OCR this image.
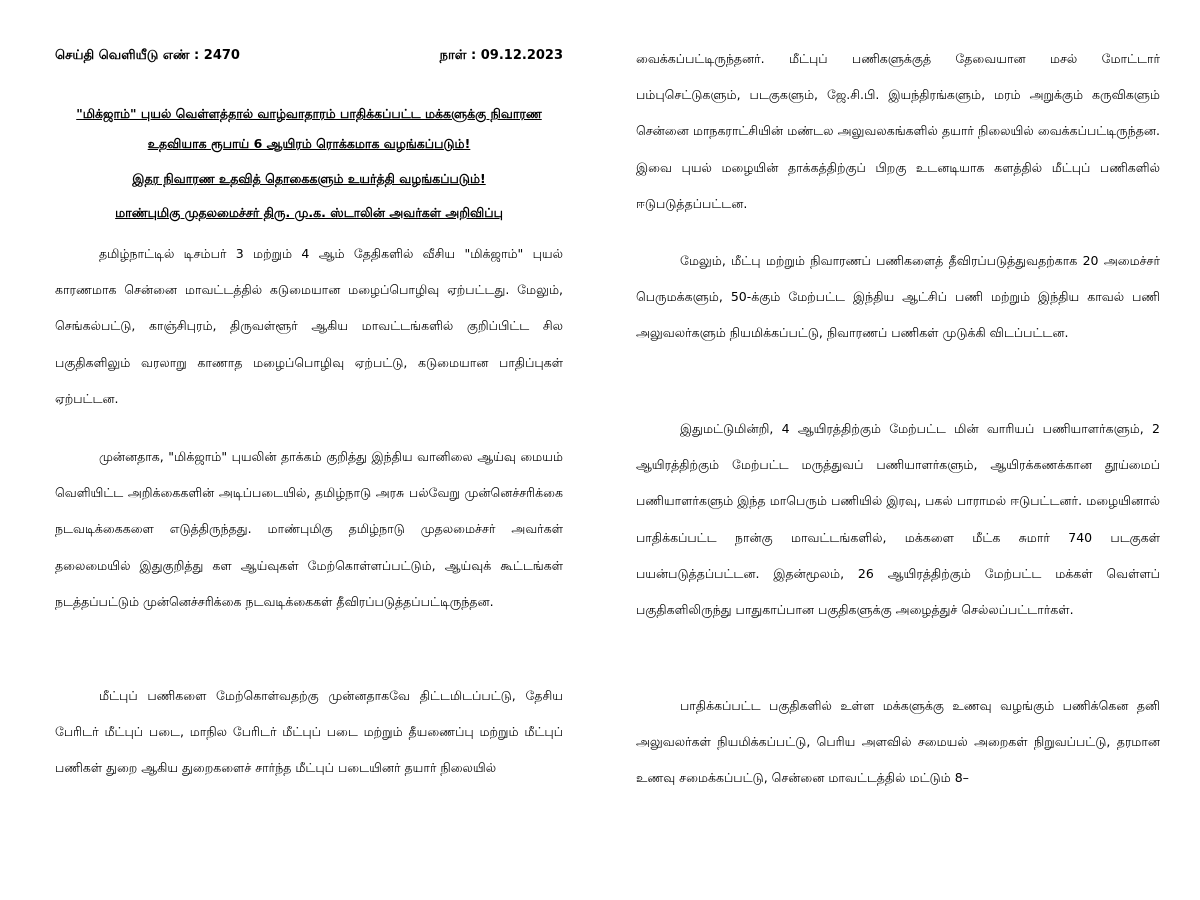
செய்தி வெளியீடு எண் : 2470	நாள் : 09.12.2023
"மிக்ஜாம்" புயல் வெள்ளத்தால் வாழ்வாதாரம் பாதிக்கப்பட்ட மக்களுக்கு நிவாரண
உதவியாக ரூபாய் 6 ஆயிரம் ரொக்கமாக வழங்கப்படும்!
இதர நிவாரண உதவித் தொகைகளும் உயர்த்தி வழங்கப்படும்!
மாண்புமிகு முதலமைச்சர் திரு. மு.க. ஸ்டாலின் அவர்கள் அறிவிப்பு

தமிழ்நாட்டில் டிசம்பர் 3 மற்றும் 4 ஆம் தேதிகளில் வீசிய "மிக்ஜாம்" புயல் காரணமாக சென்னை மாவட்டத்தில் கடுமையான மழைப்பொழிவு ஏற்பட்டது. மேலும், செங்கல்பட்டு, காஞ்சிபுரம், திருவள்ளூர் ஆகிய மாவட்டங்களில் குறிப்பிட்ட சில பகுதிகளிலும் வரலாறு காணாத மழைப்பொழிவு ஏற்பட்டு, கடுமையான பாதிப்புகள் ஏற்பட்டன.

முன்னதாக, "மிக்ஜாம்" புயலின் தாக்கம் குறித்து இந்திய வானிலை ஆய்வு மையம் வெளியிட்ட அறிக்கைகளின் அடிப்படையில், தமிழ்நாடு அரசு பல்வேறு முன்னெச்சரிக்கை நடவடிக்கைகளை எடுத்திருந்தது. மாண்புமிகு தமிழ்நாடு முதலமைச்சர் அவர்கள் தலைமையில் இதுகுறித்து கள ஆய்வுகள் மேற்கொள்ளப்பட்டும், ஆய்வுக் கூட்டங்கள் நடத்தப்பட்டும் முன்னெச்சரிக்கை நடவடிக்கைகள் தீவிரப்படுத்தப்பட்டிருந்தன.

மீட்புப் பணிகளை மேற்கொள்வதற்கு முன்னதாகவே திட்டமிடப்பட்டு, தேசிய பேரிடர் மீட்புப் படை, மாநில பேரிடர் மீட்புப் படை மற்றும் தீயணைப்பு மற்றும் மீட்புப் பணிகள் துறை ஆகிய துறைகளைச் சார்ந்த மீட்புப் படையினர் தயார் நிலையில்

வைக்கப்பட்டிருந்தனர். மீட்புப் பணிகளுக்குத் தேவையான மசல் மோட்டார் பம்புசெட்டுகளும், படகுகளும், ஜே.சி.பி. இயந்திரங்களும், மரம் அறுக்கும் கருவிகளும் சென்னை மாநகராட்சியின் மண்டல அலுவலகங்களில் தயார் நிலையில் வைக்கப்பட்டிருந்தன. இவை புயல் மழையின் தாக்கத்திற்குப் பிறகு உடனடியாக களத்தில் மீட்புப் பணிகளில் ஈடுபடுத்தப்பட்டன.

மேலும், மீட்பு மற்றும் நிவாரணப் பணிகளைத் தீவிரப்படுத்துவதற்காக 20 அமைச்சர் பெருமக்களும், 50-க்கும் மேற்பட்ட இந்திய ஆட்சிப் பணி மற்றும் இந்திய காவல் பணி அலுவலர்களும் நியமிக்கப்பட்டு, நிவாரணப் பணிகள் முடுக்கி விடப்பட்டன.

இதுமட்டுமின்றி, 4 ஆயிரத்திற்கும் மேற்பட்ட மின் வாரியப் பணியாளர்களும், 2 ஆயிரத்திற்கும் மேற்பட்ட மருத்துவப் பணியாளர்களும், ஆயிரக்கணக்கான தூய்மைப் பணியாளர்களும் இந்த மாபெரும் பணியில் இரவு, பகல் பாராமல் ஈடுபட்டனர். மழையினால் பாதிக்கப்பட்ட நான்கு மாவட்டங்களில், மக்களை மீட்க சுமார் 740 படகுகள் பயன்படுத்தப்பட்டன. இதன்மூலம், 26 ஆயிரத்திற்கும் மேற்பட்ட மக்கள் வெள்ளப் பகுதிகளிலிருந்து பாதுகாப்பான பகுதிகளுக்கு அழைத்துச் செல்லப்பட்டார்கள்.

பாதிக்கப்பட்ட பகுதிகளில் உள்ள மக்களுக்கு உணவு வழங்கும் பணிக்கென தனி அலுவலர்கள் நியமிக்கப்பட்டு, பெரிய அளவில் சமையல் அறைகள் நிறுவப்பட்டு, தரமான உணவு சமைக்கப்பட்டு, சென்னை மாவட்டத்தில் மட்டும் 8–
